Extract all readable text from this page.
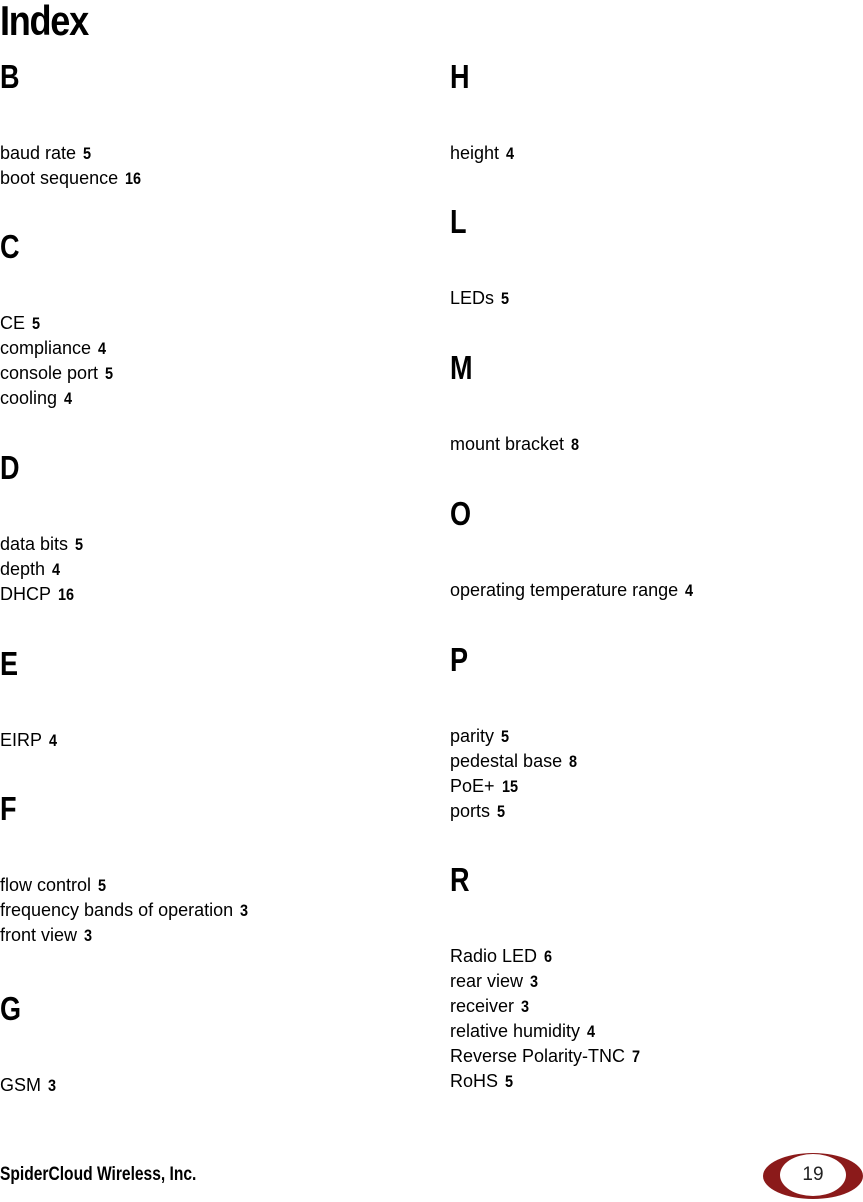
Index
B
baud rate 5
boot sequence 16
C
CE 5
compliance 4
console port 5
cooling 4
D
data bits 5
depth 4
DHCP 16
E
EIRP 4
F
flow control 5
frequency bands of operation 3
front view 3
G
GSM 3
H
height 4
L
LEDs 5
M
mount bracket 8
O
operating temperature range 4
P
parity 5
pedestal base 8
PoE+ 15
ports 5
R
Radio LED 6
rear view 3
receiver 3
relative humidity 4
Reverse Polarity-TNC 7
RoHS 5
SpiderCloud Wireless, Inc.	19
